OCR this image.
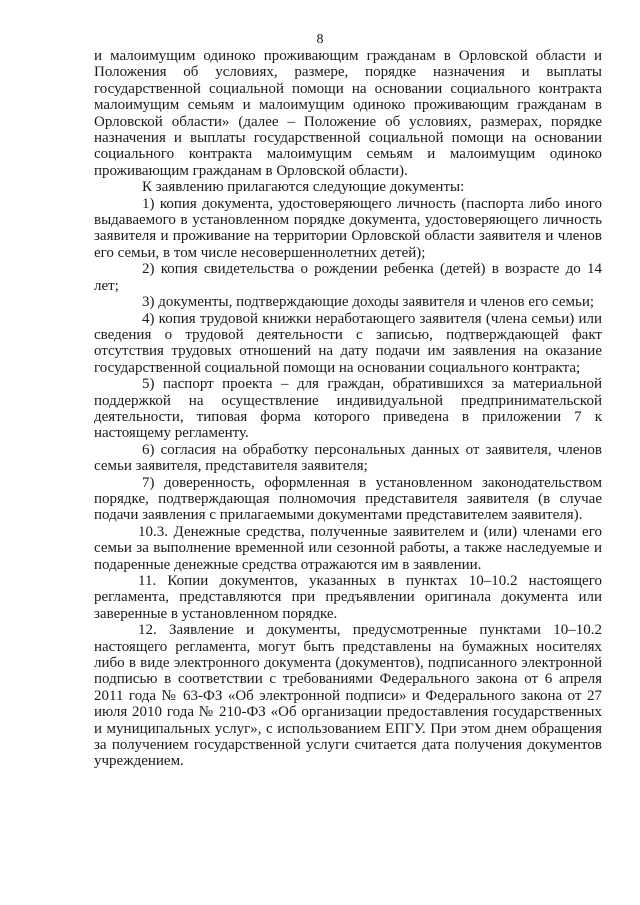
8

и малоимущим одиноко проживающим гражданам в Орловской области и Положения об условиях, размере, порядке назначения и выплаты государственной социальной помощи на основании социального контракта малоимущим семьям и малоимущим одиноко проживающим гражданам в Орловской области» (далее – Положение об условиях, размерах, порядке назначения и выплаты государственной социальной помощи на основании социального контракта малоимущим семьям и малоимущим одиноко проживающим гражданам в Орловской области).

К заявлению прилагаются следующие документы:

1) копия документа, удостоверяющего личность (паспорта либо иного выдаваемого в установленном порядке документа, удостоверяющего личность заявителя и проживание на территории Орловской области заявителя и членов его семьи, в том числе несовершеннолетних детей);

2) копия свидетельства о рождении ребенка (детей) в возрасте до 14 лет;

3) документы, подтверждающие доходы заявителя и членов его семьи;

4) копия трудовой книжки неработающего заявителя (члена семьи) или сведения о трудовой деятельности с записью, подтверждающей факт отсутствия трудовых отношений на дату подачи им заявления на оказание государственной социальной помощи на основании социального контракта;

5) паспорт проекта – для граждан, обратившихся за материальной поддержкой на осуществление индивидуальной предпринимательской деятельности, типовая форма которого приведена в приложении 7 к настоящему регламенту.

6) согласия на обработку персональных данных от заявителя, членов семьи заявителя, представителя заявителя;

7) доверенность, оформленная в установленном законодательством порядке, подтверждающая полномочия представителя заявителя (в случае подачи заявления с прилагаемыми документами представителем заявителя).

10.3. Денежные средства, полученные заявителем и (или) членами его семьи за выполнение временной или сезонной работы, а также наследуемые и подаренные денежные средства отражаются им в заявлении.

11. Копии документов, указанных в пунктах 10–10.2 настоящего регламента, представляются при предъявлении оригинала документа или заверенные в установленном порядке.

12. Заявление и документы, предусмотренные пунктами 10–10.2 настоящего регламента, могут быть представлены на бумажных носителях либо в виде электронного документа (документов), подписанного электронной подписью в соответствии с требованиями Федерального закона от 6 апреля 2011 года № 63-ФЗ «Об электронной подписи» и Федерального закона от 27 июля 2010 года № 210-ФЗ «Об организации предоставления государственных и муниципальных услуг», с использованием ЕПГУ. При этом днем обращения за получением государственной услуги считается дата получения документов учреждением.
